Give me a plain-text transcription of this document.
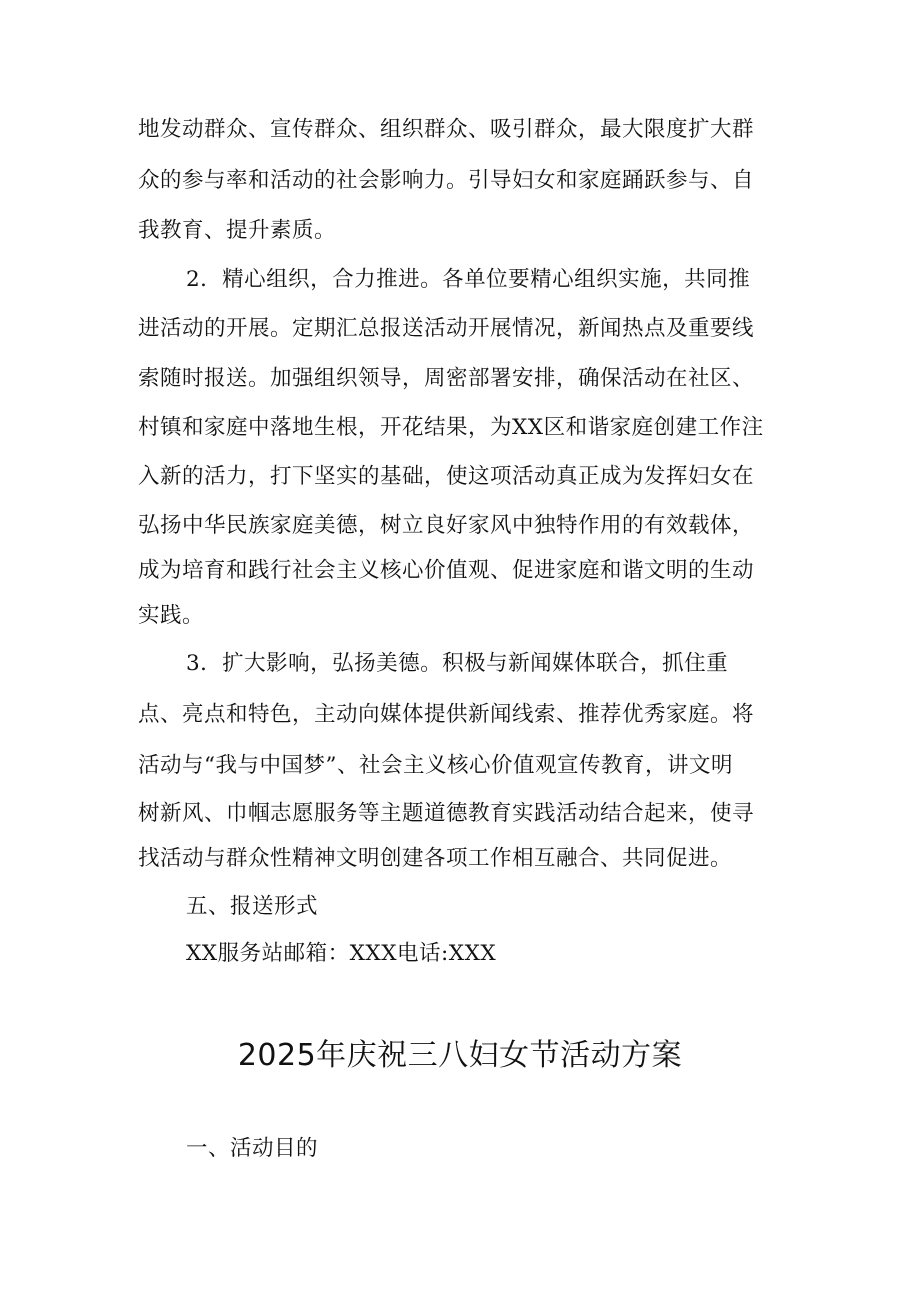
地发动群众、宣传群众、组织群众、吸引群众，最大限度扩大群
众的参与率和活动的社会影响力。引导妇女和家庭踊跃参与、自
我教育、提升素质。
2．精心组织，合力推进。各单位要精心组织实施，共同推
进活动的开展。定期汇总报送活动开展情况，新闻热点及重要线
索随时报送。加强组织领导，周密部署安排，确保活动在社区、
村镇和家庭中落地生根，开花结果，为XX区和谐家庭创建工作注
入新的活力，打下坚实的基础，使这项活动真正成为发挥妇女在
弘扬中华民族家庭美德，树立良好家风中独特作用的有效载体，
成为培育和践行社会主义核心价值观、促进家庭和谐文明的生动
实践。
3．扩大影响，弘扬美德。积极与新闻媒体联合，抓住重
点、亮点和特色，主动向媒体提供新闻线索、推荐优秀家庭。将
活动与“我与中国梦”、社会主义核心价值观宣传教育，讲文明
树新风、巾帼志愿服务等主题道德教育实践活动结合起来，使寻
找活动与群众性精神文明创建各项工作相互融合、共同促进。
五、报送形式
XX服务站邮箱：XXX电话:XXX
2025年庆祝三八妇女节活动方案
一、活动目的
